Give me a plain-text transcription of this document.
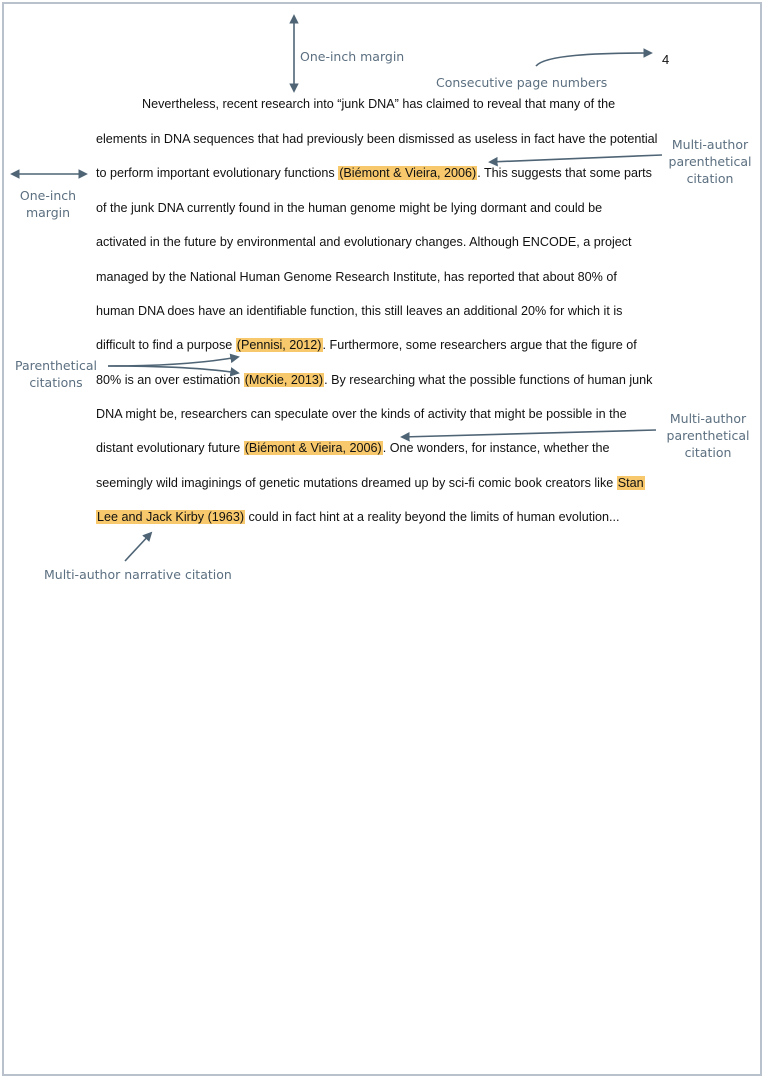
4
Nevertheless, recent research into “junk DNA” has claimed to reveal that many of the
elements in DNA sequences that had previously been dismissed as useless in fact have the potential
to perform important evolutionary functions (Biémont & Vieira, 2006). This suggests that some parts
of the junk DNA currently found in the human genome might be lying dormant and could be
activated in the future by environmental and evolutionary changes. Although ENCODE, a project
managed by the National Human Genome Research Institute, has reported that about 80% of
human DNA does have an identifiable function, this still leaves an additional 20% for which it is
difficult to find a purpose (Pennisi, 2012). Furthermore, some researchers argue that the figure of
80% is an over estimation (McKie, 2013). By researching what the possible functions of human junk
DNA might be, researchers can speculate over the kinds of activity that might be possible in the
distant evolutionary future (Biémont & Vieira, 2006). One wonders, for instance, whether the
seemingly wild imaginings of genetic mutations dreamed up by sci-fi comic book creators like Stan
Lee and Jack Kirby (1963) could in fact hint at a reality beyond the limits of human evolution...
One-inch margin
Consecutive page numbers
One-inch
margin
Multi-author
parenthetical
citation
Parenthetical
citations
Multi-author
parenthetical
citation
Multi-author narrative citation
